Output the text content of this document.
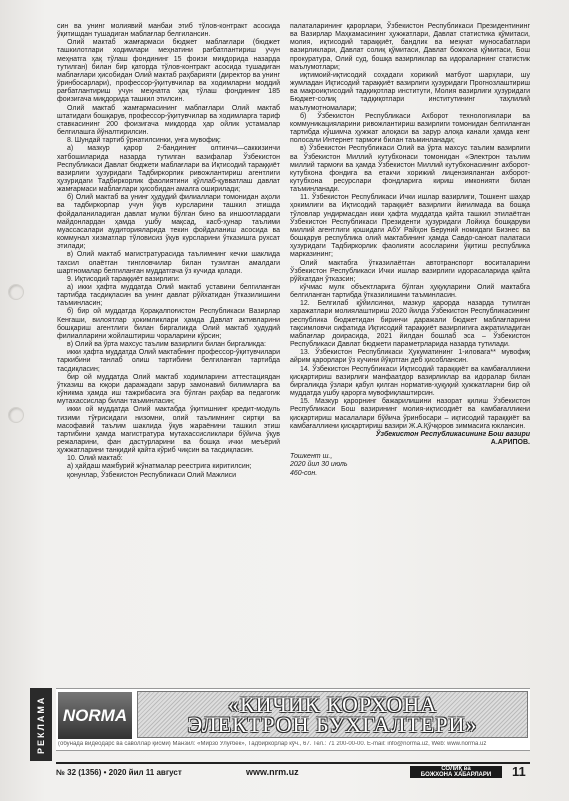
син ва унинг молиявий манбаи этиб тўлов-контракт асосида ўқитишдан тушадиган маблағлар белгилансин.

Олий мактаб жамғармаси бюджет маблағлари (бюджет ташкилотлари ходимлари меҳнатини рағбатлантириш учун меҳнатга ҳақ тўлаш фондининг 15 фоизи миқдорида назарда тутилган) билан бир қаторда тўлов-контракт асосида тушадиган маблағлари ҳисобидан Олий мактаб раҳбарияти (директор ва унинг ўринбосарлари), профессор-ўқитувчилар ва ходимларни моддий рағбатлантириш учун меҳнатга ҳақ тўлаш фондининг 185 фоизигача миқдорида ташкил этилсин.

Олий мактаб жамғармасининг маблағлари Олий мактаб штатидаги бошқарув, профессор-ўқитувчилар ва ходимларга тариф ставкасининг 200 фоизигача миқдорда ҳар ойлик устамалар белгилашга йўналтирилсин.

8. Шундай тартиб ўрнатилсинки, унга мувофиқ:

а) мазкур қарор 2-бандининг олтинчи—саккизинчи хатбошиларида назарда тутилган вазифалар Ўзбекистон Республикаси Давлат бюджети маблағлари ва Иқтисодий тараққиёт вазирлиги ҳузуридаги Тадбиркорлик ривожлантириш агентлиги ҳузуридаги Тадбиркорлик фаолиятини қўллаб-қувватлаш давлат жамғармаси маблағлари ҳисобидан амалга оширилади;

б) Олий мактаб ва унинг ҳудудий филиаллари томонидан аҳоли ва тадбиркорлар учун ўқув курсларини ташкил этишда фойдаланиладиган давлат мулки бўлган бино ва иншоотлардаги майдонлардан ҳамда ушбу мақсад, касб-ҳунар таълими муассасалари аудиторияларида текин фойдаланиш асосида ва коммунал хизматлар тўловисиз ўқув курсларини ўтказишга рухсат этилади;

в) Олий мактаб магистратурасида таълимнинг кечки шаклида тахсил олаётган тингловчилар билан тузилган амалдаги шартномалар белгиланган муддатгача ўз кучида қолади.

9. Иқтисодий тараққиёт вазирлиги:

а) икки ҳафта муддатда Олий мактаб уставини белгиланган тартибда тасдиқласин ва унинг давлат рўйхатидан ўтказилишини таъминласин;

б) бир ой муддатда Қорақалпоғистон Республикаси Вазирлар Кенгаши, вилоятлар ҳокимликлари ҳамда Давлат активларини бошқариш агентлиги билан биргаликда Олий мактаб ҳудудий филиалларини жойлаштириш чораларини кўрсин;

в) Олий ва ўрта махсус таълим вазирлиги билан биргаликда:

икки ҳафта муддатда Олий мактабнинг профессор-ўқитувчилари таркибини танлаб олиш тартибини белгиланган тартибда тасдиқласин;

бир ой муддатда Олий мактаб ходимларини аттестациядан ўтказиш ва юқори даражадаги зарур замонавий билимларга ва кўникма ҳамда иш тажрибасига эга бўлган раҳбар ва педагогик мутахассислар билан таъминласин;

икки ой муддатда Олий мактабда ўқитишнинг кредит-модуль тизими тўғрисидаги низомни, олий таълимнинг сиртқи ва масофавий таълим шаклида ўқув жараёнини ташкил этиш тартибини ҳамда магистратура мутахассисликлари бўйича ўқув режаларини, фан дастурларини ва бошқа ички меъёрий ҳужжатларини танқидий қайта кўриб чиқсин ва тасдиқласин.

10. Олий мактаб:

а) ҳайдаш мажбурий жўнатмалар реестрига киритилсин;

қонунлар, Ўзбекистон Республикаси Олий Мажлиси

палаталарининг қарорлари, Ўзбекистон Республикаси Президентининг ва Вазирлар Маҳкамасининг ҳужжатлари, Давлат статистика қўмитаси, молия, иқтисодий тараққиёт, бандлик ва меҳнат муносабатлари вазирликлари, Давлат солиқ қўмитаси, Давлат божхона қўмитаси, Бош прокуратура, Олий суд, бошқа вазирликлар ва идораларнинг статистик маълумотлари;

иқтимоий-иқтисодий соҳадаги хорижий матбуот шарҳлари, шу жумладан Иқтисодий тараққиёт вазирлиги ҳузуридаги Прогнозлаштириш ва макроиқтисодий тадқиқотлар институти, Молия вазирлиги ҳузуридаги Бюджет-солиқ тадқиқотлари институтининг таҳлилий маълумотномалари;

б) Ўзбекистон Республикаси Ахборот технологиялари ва коммуникацияларини ривожлантириш вазирлиги томонидан белгиланган тартибда кўшимча ҳужжат алоқаси ва зарур алоқа канали ҳамда кенг полосали Интернет тармоғи билан таъминланади;

в) Ўзбекистон Республикаси Олий ва ўрта махсус таълим вазирлиги ва Ўзбекистон Миллий кутубхонаси томонидан «Электрон таълим миллий тармоғи ва ҳамда Ўзбекистон Миллий кутубхонасининг ахборот-кутубхона фондига ва етакчи хорижий лицензияланган ахборот-кутубхона ресурслари фондларига кириш имконияти билан таъминланади.

11. Ўзбекистон Республикаси Ички ишлар вазирлиги, Тошкент шаҳар ҳокимлиги ва Иқтисодий тараққиёт вазирлиги йиғилмада ва бошқа тўловлар ундирмасдан икки ҳафта муддатда қайта ташкил этилаётган Ўзбекистон Республикаси Президенти ҳузуридаги Лойиҳа бошқаруви миллий агентлиги қошидаги АбУ Райҳон Беруний номидаги Бизнес ва бошқарув республика олий мактабининг ҳамда Савдо-саноат палатаси ҳузуридаги Тадбиркорлик фаолияти асосларини ўқитиш республика марказининг;

Олий мактабга ўтказилаётган автотранспорт воситаларини Ўзбекистон Республикаси Ички ишлар вазирлиги идорасаларида қайта рўйхатдан ўтказсин;

кўчмас мулк объектларига бўлган ҳуқуқларини Олий мактабга белгиланган тартибда ўтказилишини таъминласин.

12. Белгилаб қўйилсинки, мазкур қарорда назарда тутилган харажатлари молиялаштириш 2020 йилда Ўзбекистон Республикасининг республика бюджетидан биринчи даражали бюджет маблағларини тақсимловчи сифатида Иқтисодий тараққиёт вазирлигига ажратиладиган маблағлар доирасида, 2021 йилдан бошлаб эса – Ўзбекистон Республикаси Давлат бюджети параметрларида назарда тутилади.

13. Ўзбекистон Республикаси Ҳукуматининг 1-иловага** мувофиқ айрим қарорлари ўз кучини йўқотган деб ҳисоблансин.

14. Ўзбекистон Республикаси Иқтисодий тараққиёт ва камбағалликни қисқартириш вазирлиги манфаатдор вазирликлар ва идоралар билан биргаликда ўзлари қабул қилган норматив-ҳуқуқий ҳужжатларни бир ой муддатда ушбу қарорга мувофиқлаштирсин.

15. Мазкур қарорнинг бажарилишини назорат қилиш Ўзбекистон Республикаси Бош вазирининг молия-иқтисодиёт ва камбағалликни қисқартириш масалалари бўйича ўринбосари – иқтисодий тараққиёт ва камбағалликни қисқартириш вазири Ж.А.Қўчқоров зиммасига юклансин.

Ўзбекистон Республикасининг Бош вазири

А.АРИПОВ.

Тошкент ш.,
2020 йил 30 июль
460-сон.
РЕКЛАМА NORMA	«КИЧИК КОРХОНА
ЭЛЕКТРОН БУХГАЛТЕРИ»
(обунада видеодарс ва саволлар қисми) Манзил: «Мирзо Улуғбек», Тадбиркорлар кўч., 67. Тел.: 71 200-00-00. E-mail: info@norma.uz, Web: www.norma.uz
№ 32 (1356) • 2020 йил 11 август	www.nrm.uz	СОЛИҚ ва
БОЖХОНА ХАБАРЛАРИ	11
